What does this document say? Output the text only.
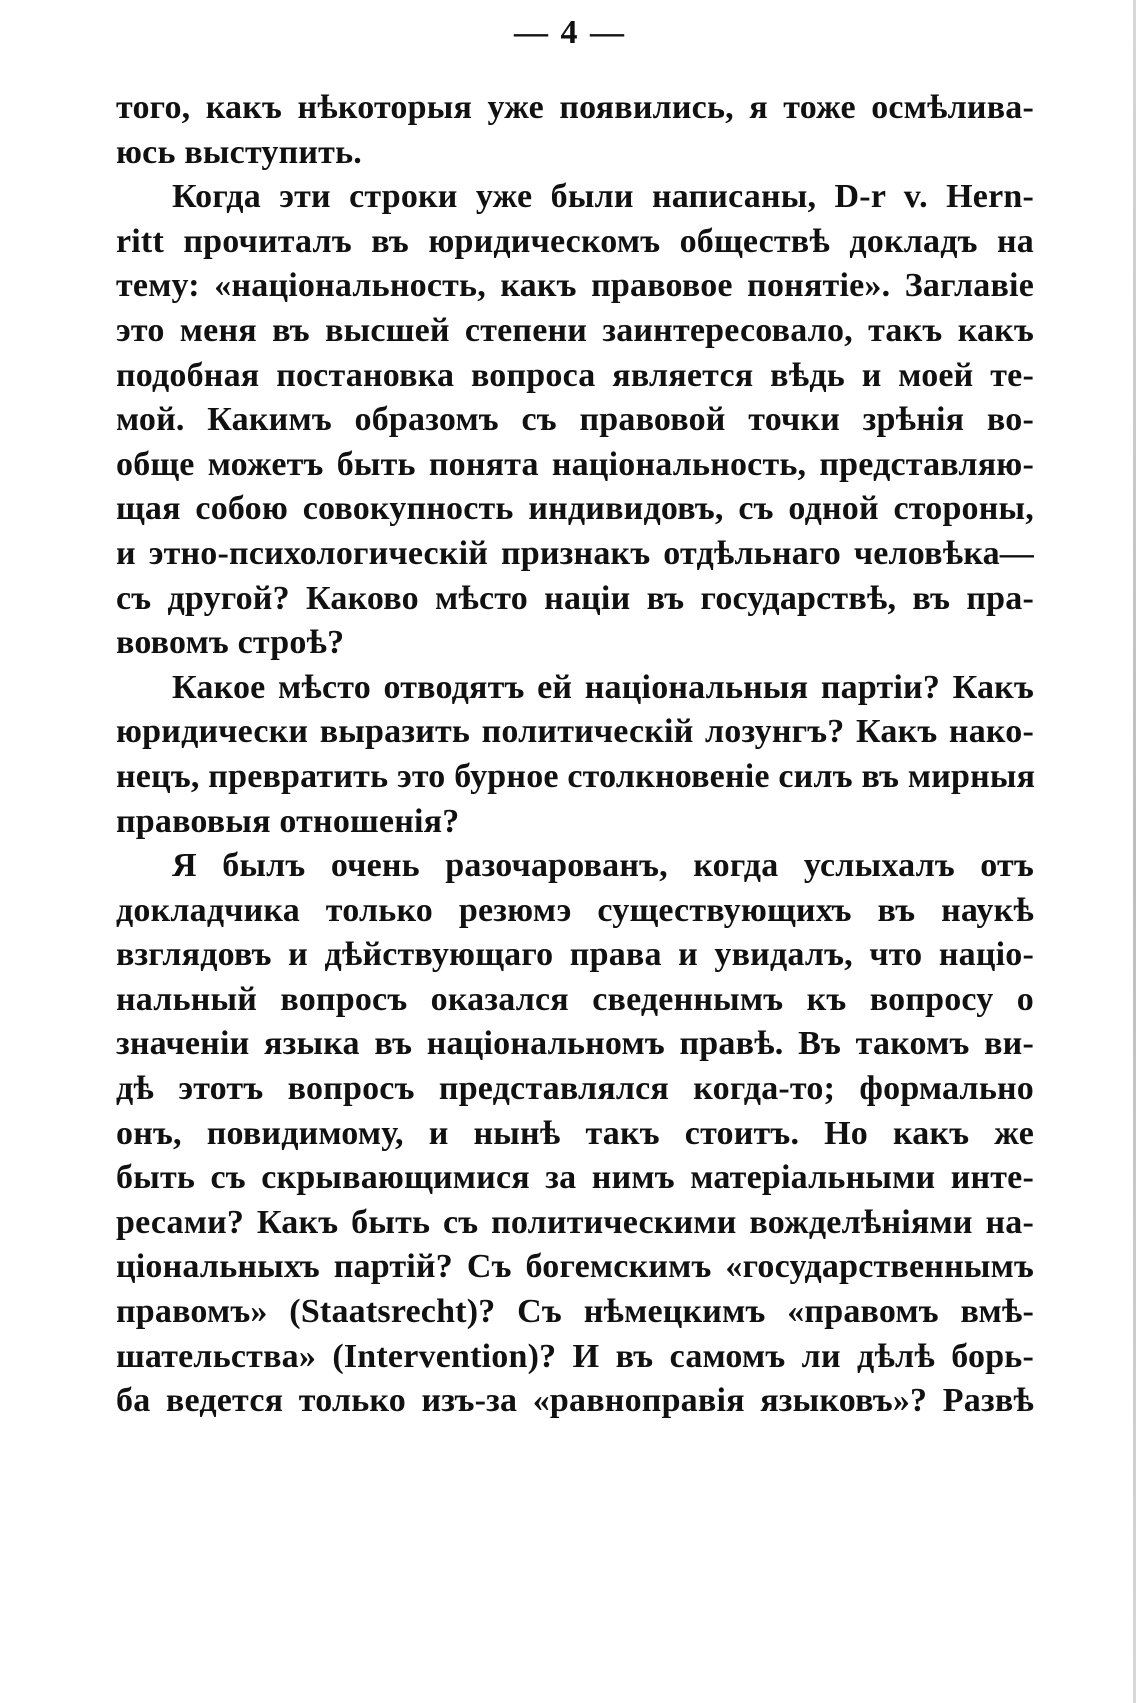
— 4 —
того, какъ нѣкоторыя уже появились, я тоже осмѣлива-
юсь выступить.
Когда эти строки уже были написаны, D-r v. Hern-
ritt прочиталъ въ юридическомъ обществѣ докладъ на
тему: «національность, какъ правовое понятіе». Заглавіе
это меня въ высшей степени заинтересовало, такъ какъ
подобная постановка вопроса является вѣдь и моей те-
мой. Какимъ образомъ съ правовой точки зрѣнія во-
обще можетъ быть понята національность, представляю-
щая собою совокупность индивидовъ, съ одной стороны,
и этно-психологическій признакъ отдѣльнаго человѣка—
съ другой? Каково мѣсто націи въ государствѣ, въ пра-
вовомъ строѣ?
Какое мѣсто отводятъ ей національныя партіи? Какъ
юридически выразить политическій лозунгъ? Какъ нако-
нецъ, превратить это бурное столкновеніе силъ въ мирныя
правовыя отношенія?
Я былъ очень разочарованъ, когда услыхалъ отъ
докладчика только резюмэ существующихъ въ наукѣ
взглядовъ и дѣйствующаго права и увидалъ, что націо-
нальный вопросъ оказался сведеннымъ къ вопросу о
значеніи языка въ національномъ правѣ. Въ такомъ ви-
дѣ этотъ вопросъ представлялся когда-то; формально
онъ, повидимому, и нынѣ такъ стоитъ. Но какъ же
быть съ скрывающимися за нимъ матеріальными инте-
ресами? Какъ быть съ политическими вожделѣніями на-
ціональныхъ партій? Съ богемскимъ «государственнымъ
правомъ» (Staatsrecht)? Съ нѣмецкимъ «правомъ вмѣ-
шательства» (Intervention)? И въ самомъ ли дѣлѣ борь-
ба ведется только изъ-за «равноправія языковъ»? Развѣ
